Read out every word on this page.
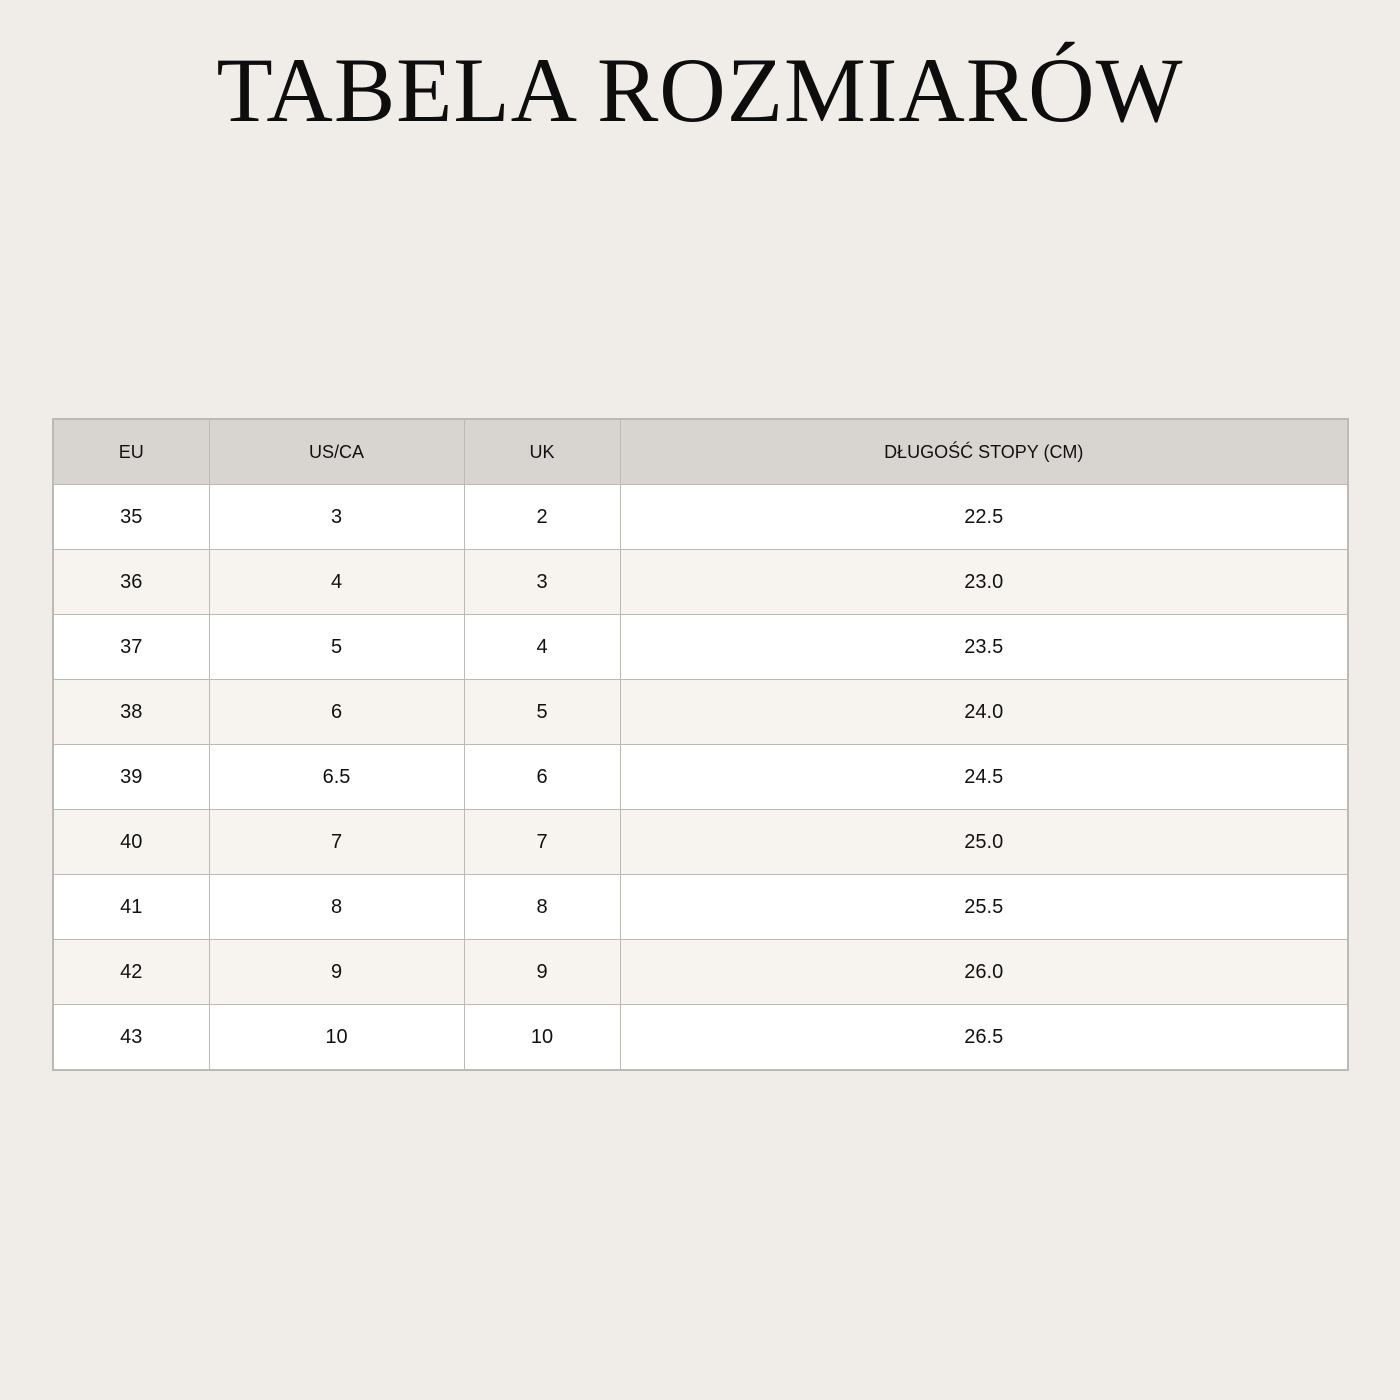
TABELA ROZMIARÓW
EU	US/CA	UK	DŁUGOŚĆ STOPY (CM)
35	3	2	22.5
36	4	3	23.0
37	5	4	23.5
38	6	5	24.0
39	6.5	6	24.5
40	7	7	25.0
41	8	8	25.5
42	9	9	26.0
43	10	10	26.5
